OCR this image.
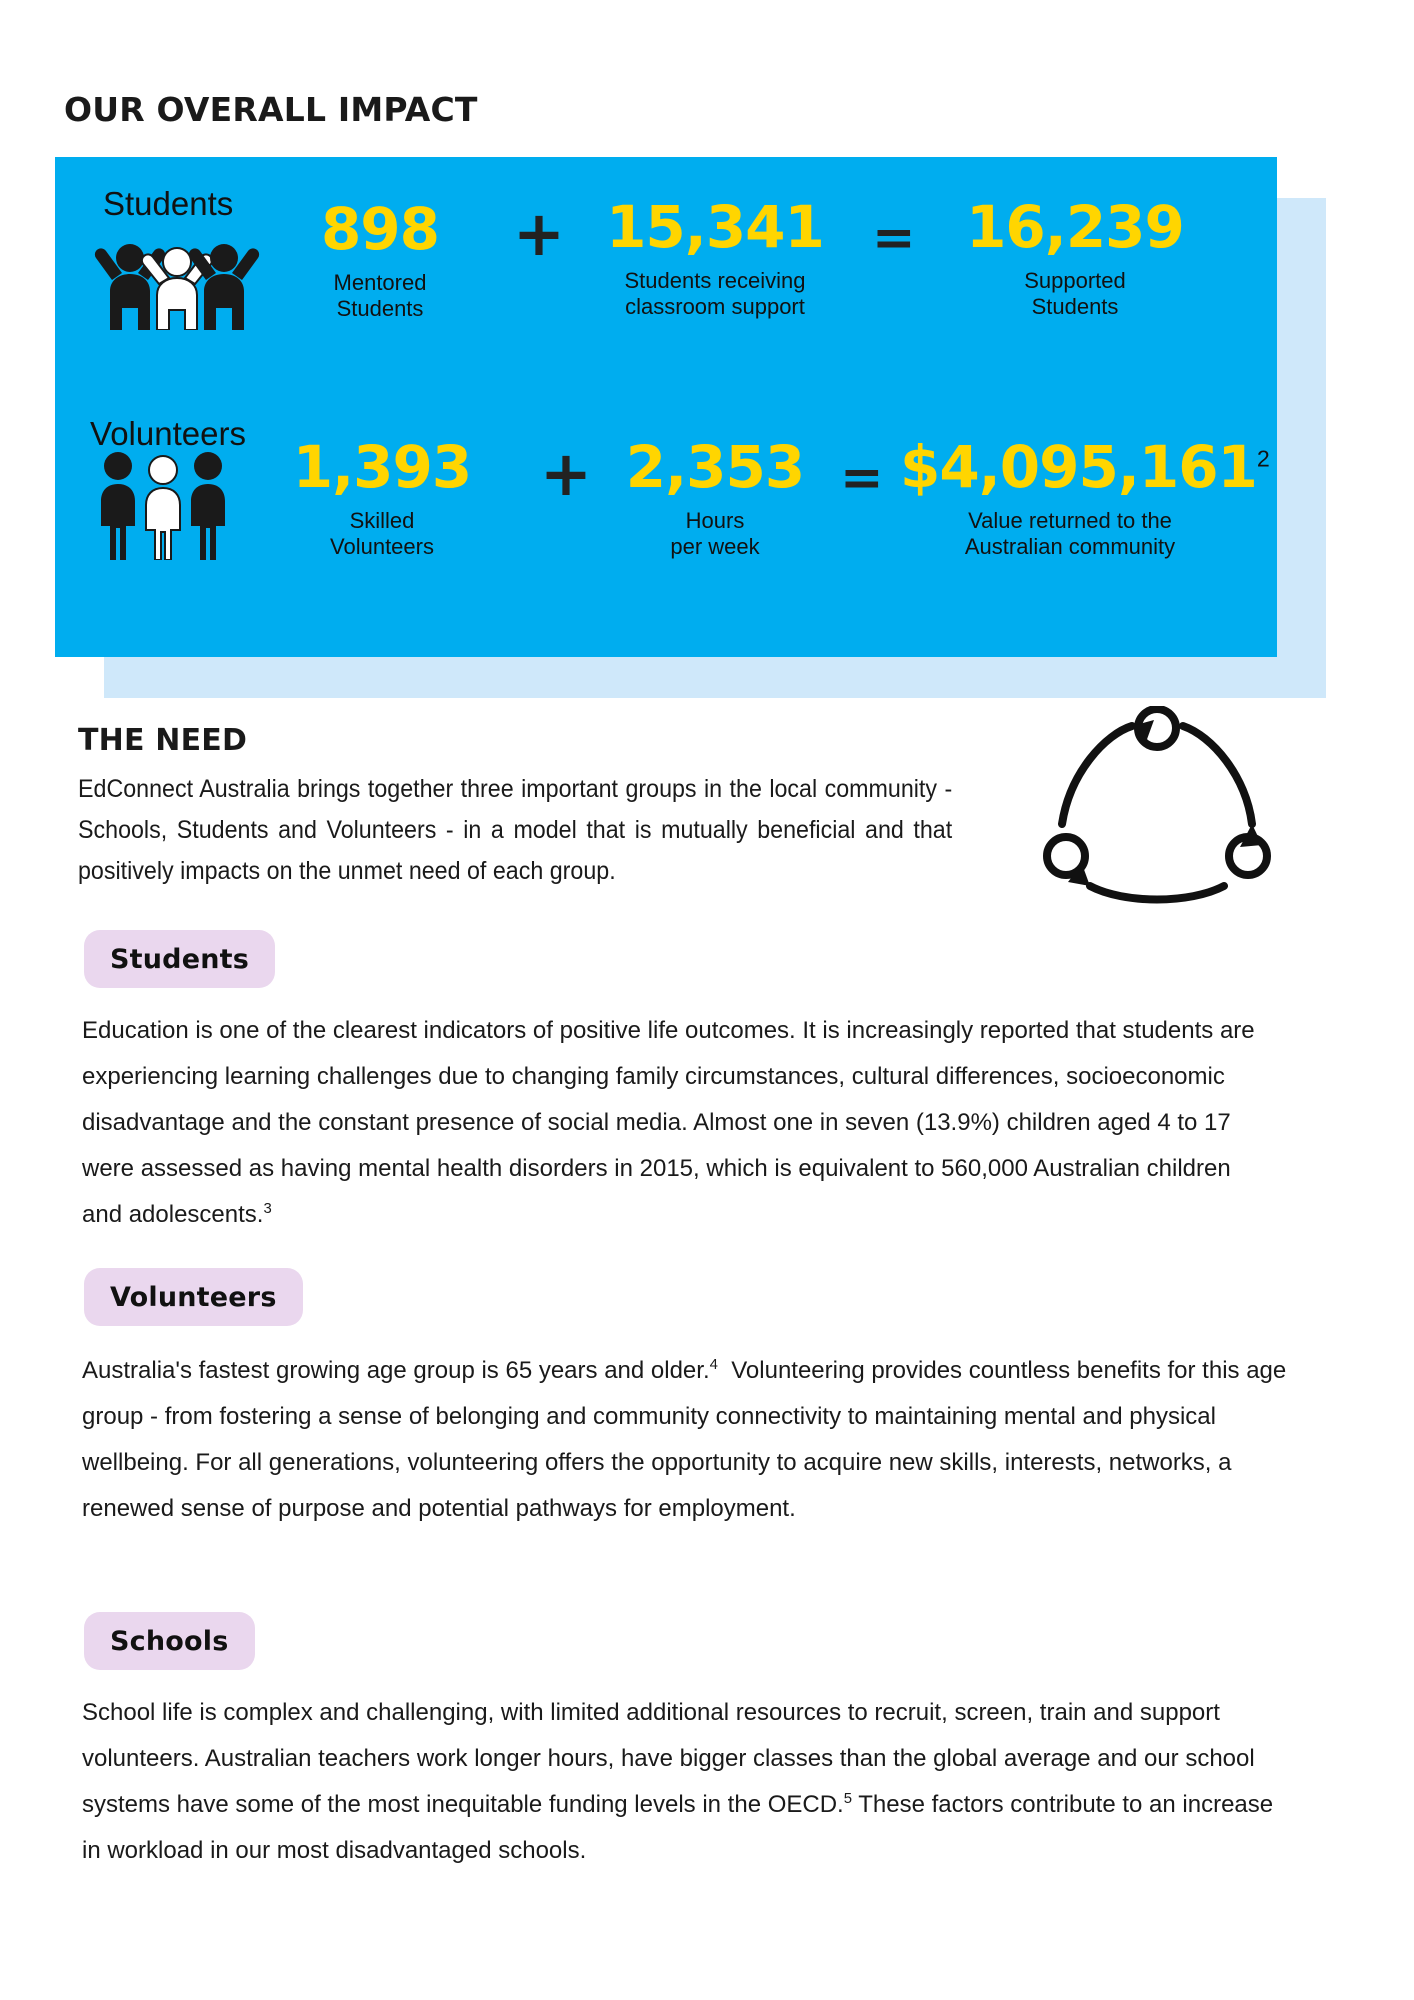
OUR OVERALL IMPACT
Students	898
Mentored
Students
+ 15,341
Students receiving
classroom support
= 16,239
Supported
Students
Volunteers 1,393
Skilled
Volunteers
+ 2,353
Hours
per week
= $\$4,095,161^2$
Value returned to the
Australian community
THE NEED
EdConnect Australia brings together three important groups in the local community - Schools, Students and Volunteers - in a model that is mutually beneficial and that positively impacts on the unmet need of each group.
Students
Education is one of the clearest indicators of positive life outcomes. It is increasingly reported that students are experiencing learning challenges due to changing family circumstances, cultural differences, socioeconomic disadvantage and the constant presence of social media. Almost one in seven (13.9%) children aged 4 to 17 were assessed as having mental health disorders in 2015, which is equivalent to 560,000 Australian children and adolescents.$^3$
Volunteers
Australia's fastest growing age group is 65 years and older.$^4$  Volunteering provides countless benefits for this age group - from fostering a sense of belonging and community connectivity to maintaining mental and physical wellbeing. For all generations, volunteering offers the opportunity to acquire new skills, interests, networks, a renewed sense of purpose and potential pathways for employment.
Schools
School life is complex and challenging, with limited additional resources to recruit, screen, train and support volunteers. Australian teachers work longer hours, have bigger classes than the global average and our school systems have some of the most inequitable funding levels in the OECD.$^5$ These factors contribute to an increase in workload in our most disadvantaged schools.
